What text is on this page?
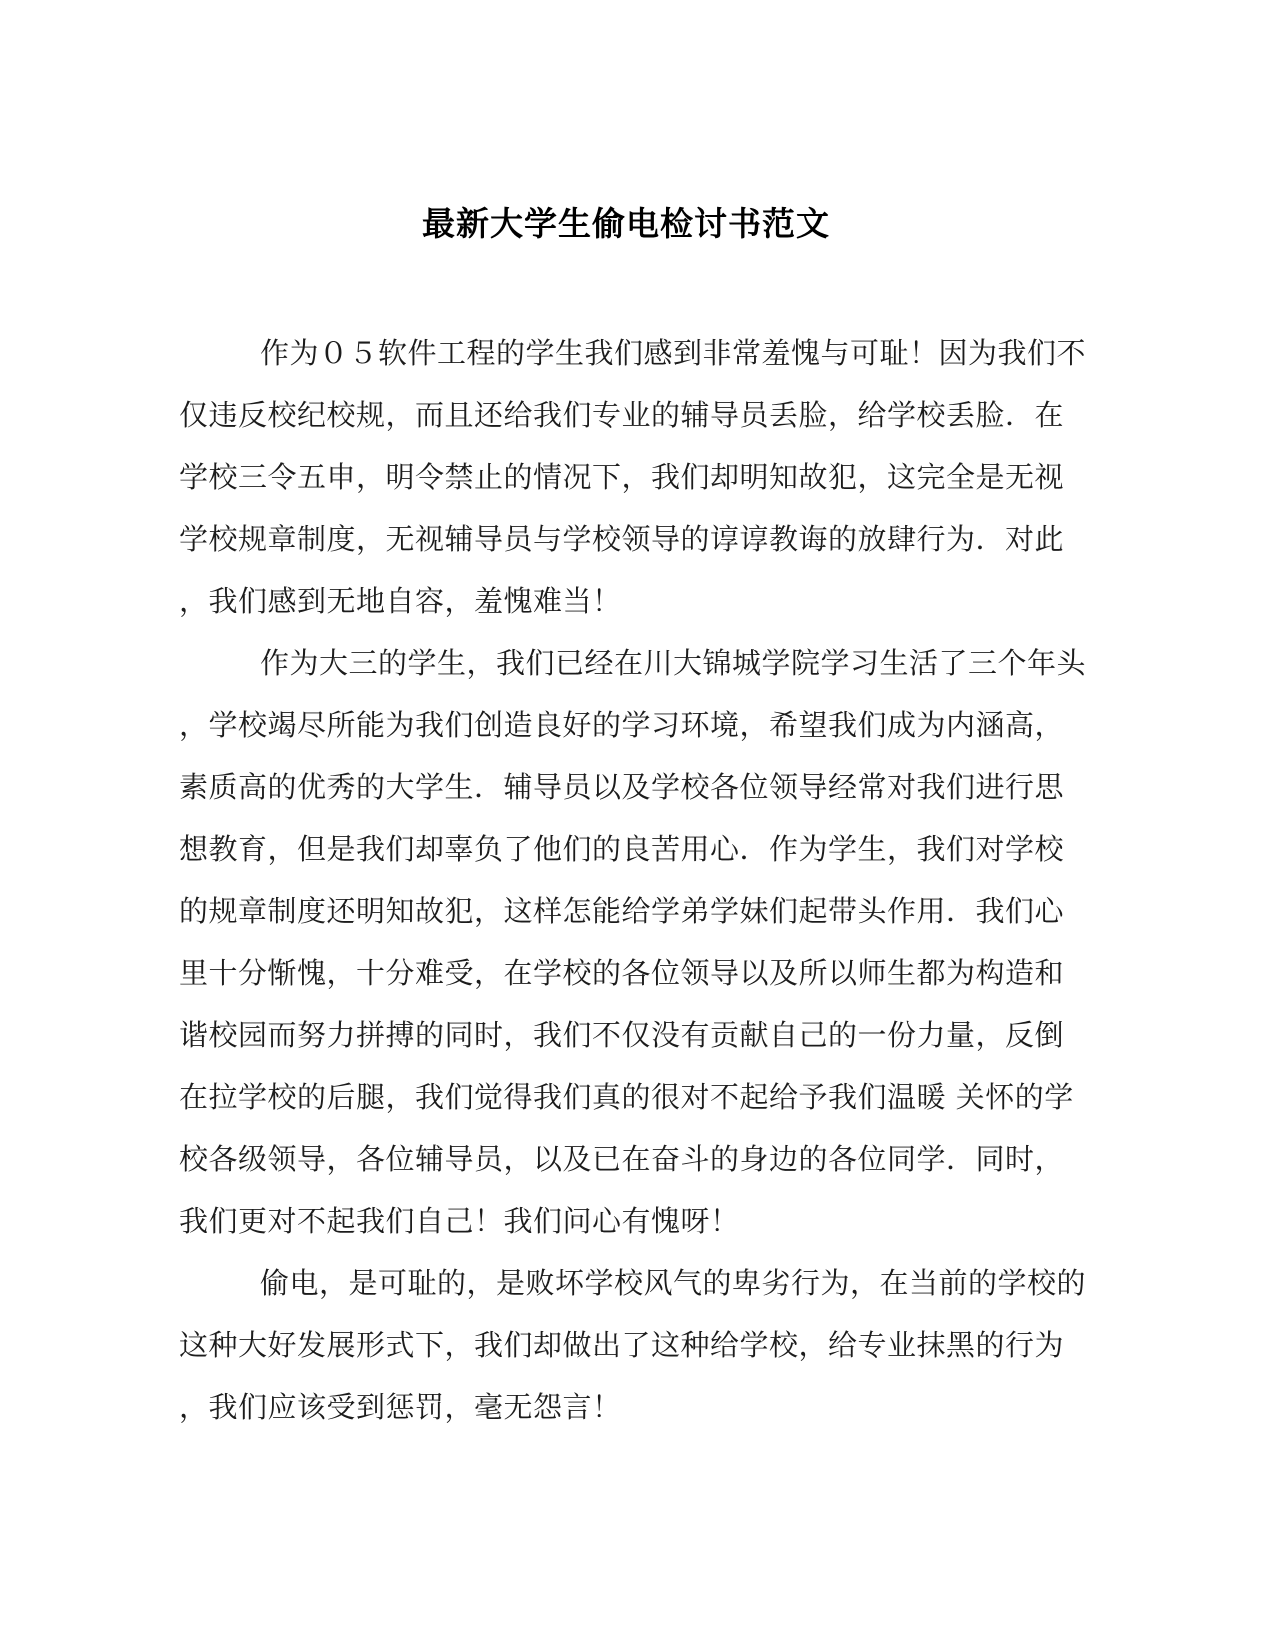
最新大学生偷电检讨书范文
作为０５软件工程的学生我们感到非常羞愧与可耻！因为我们不
仅违反校纪校规，而且还给我们专业的辅导员丢脸，给学校丢脸．在
学校三令五申，明令禁止的情况下，我们却明知故犯，这完全是无视
学校规章制度，无视辅导员与学校领导的谆谆教诲的放肆行为．对此
，我们感到无地自容，羞愧难当！
作为大三的学生，我们已经在川大锦城学院学习生活了三个年头
，学校竭尽所能为我们创造良好的学习环境，希望我们成为内涵高，
素质高的优秀的大学生．辅导员以及学校各位领导经常对我们进行思
想教育，但是我们却辜负了他们的良苦用心．作为学生，我们对学校
的规章制度还明知故犯，这样怎能给学弟学妹们起带头作用．我们心
里十分惭愧，十分难受，在学校的各位领导以及所以师生都为构造和
谐校园而努力拼搏的同时，我们不仅没有贡献自己的一份力量，反倒
在拉学校的后腿，我们觉得我们真的很对不起给予我们温暖 关怀的学
校各级领导，各位辅导员，以及已在奋斗的身边的各位同学．同时，
我们更对不起我们自己！我们问心有愧呀！
偷电，是可耻的，是败坏学校风气的卑劣行为，在当前的学校的
这种大好发展形式下，我们却做出了这种给学校，给专业抹黑的行为
，我们应该受到惩罚，毫无怨言！
